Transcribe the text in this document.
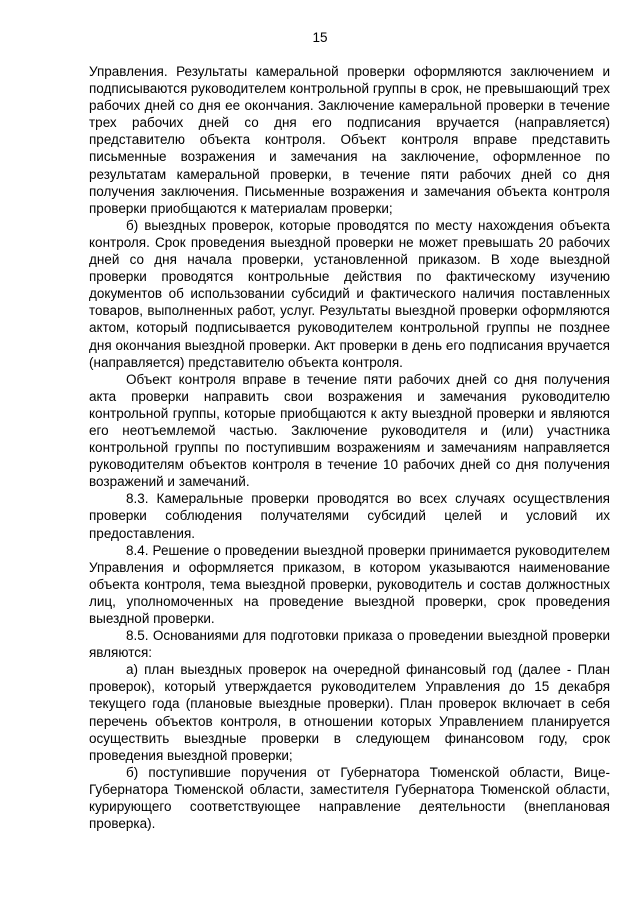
15

Управления. Результаты камеральной проверки оформляются заключением и подписываются руководителем контрольной группы в срок, не превышающий трех рабочих дней со дня ее окончания. Заключение камеральной проверки в течение трех рабочих дней со дня его подписания вручается (направляется) представителю объекта контроля. Объект контроля вправе представить письменные возражения и замечания на заключение, оформленное по результатам камеральной проверки, в течение пяти рабочих дней со дня получения заключения. Письменные возражения и замечания объекта контроля проверки приобщаются к материалам проверки;

б) выездных проверок, которые проводятся по месту нахождения объекта контроля. Срок проведения выездной проверки не может превышать 20 рабочих дней со дня начала проверки, установленной приказом. В ходе выездной проверки проводятся контрольные действия по фактическому изучению документов об использовании субсидий и фактического наличия поставленных товаров, выполненных работ, услуг. Результаты выездной проверки оформляются актом, который подписывается руководителем контрольной группы не позднее дня окончания выездной проверки. Акт проверки в день его подписания вручается (направляется) представителю объекта контроля.

Объект контроля вправе в течение пяти рабочих дней со дня получения акта проверки направить свои возражения и замечания руководителю контрольной группы, которые приобщаются к акту выездной проверки и являются его неотъемлемой частью. Заключение руководителя и (или) участника контрольной группы по поступившим возражениям и замечаниям направляется руководителям объектов контроля в течение 10 рабочих дней со дня получения возражений и замечаний.

8.3. Камеральные проверки проводятся во всех случаях осуществления проверки соблюдения получателями субсидий целей и условий их предоставления.

8.4. Решение о проведении выездной проверки принимается руководителем Управления и оформляется приказом, в котором указываются наименование объекта контроля, тема выездной проверки, руководитель и состав должностных лиц, уполномоченных на проведение выездной проверки, срок проведения выездной проверки.

8.5. Основаниями для подготовки приказа о проведении выездной проверки являются:

а) план выездных проверок на очередной финансовый год (далее - План проверок), который утверждается руководителем Управления до 15 декабря текущего года (плановые выездные проверки). План проверок включает в себя перечень объектов контроля, в отношении которых Управлением планируется осуществить выездные проверки в следующем финансовом году, срок проведения выездной проверки;

б) поступившие поручения от Губернатора Тюменской области, Вице-Губернатора Тюменской области, заместителя Губернатора Тюменской области, курирующего соответствующее направление деятельности (внеплановая проверка).
